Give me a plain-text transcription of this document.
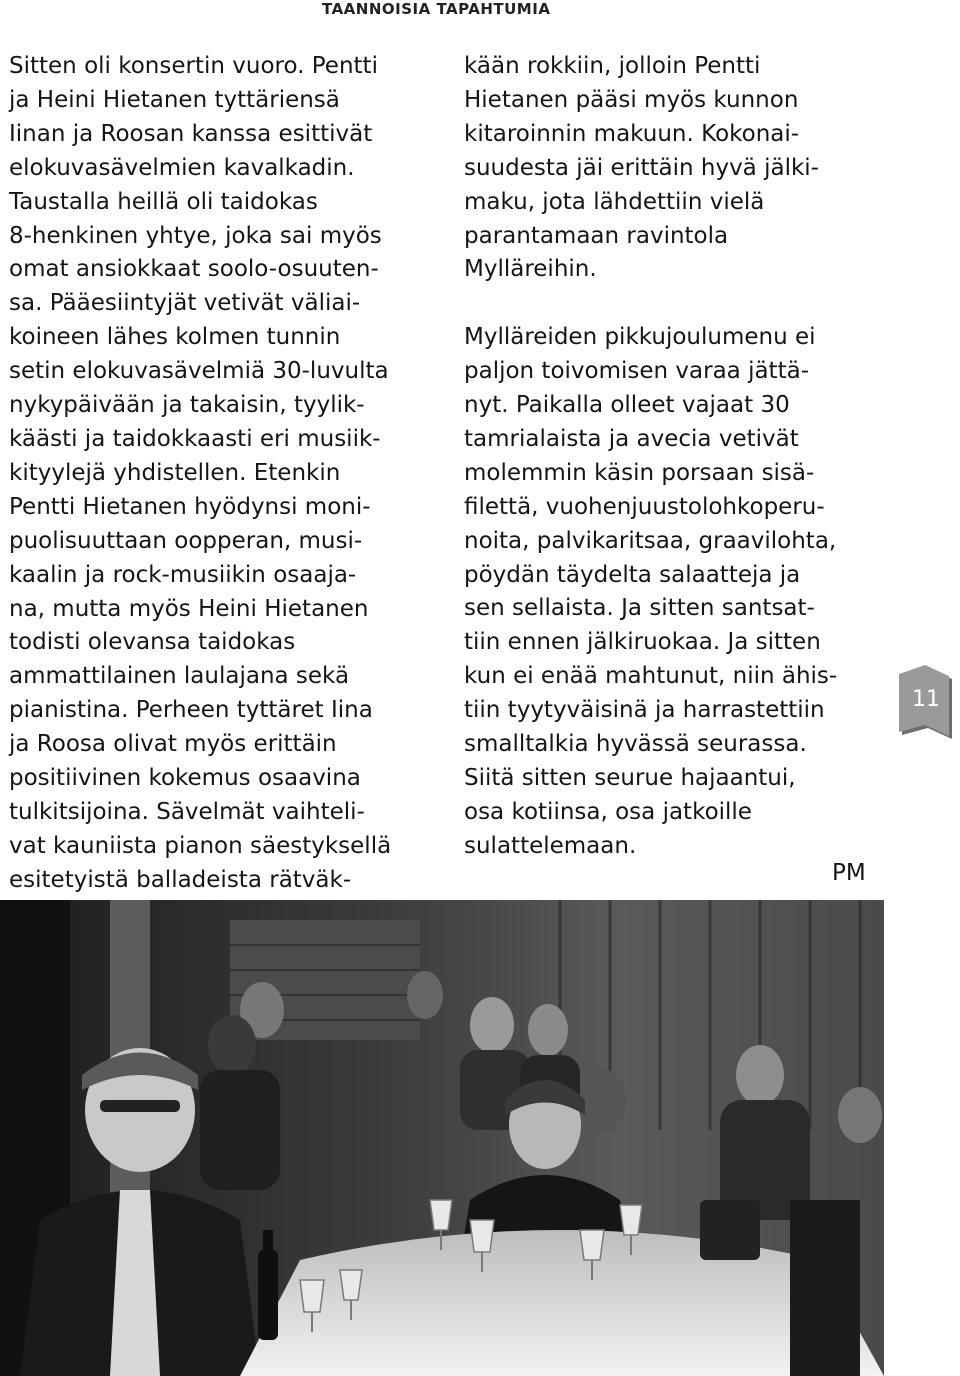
TAANNOISIA TAPAHTUMIA

Sitten oli konsertin vuoro. Pentti

ja Heini Hietanen tyttäriensä

Iinan ja Roosan kanssa esittivät

elokuvasävelmien kavalkadin.

Taustalla heillä oli taidokas

8-henkinen yhtye, joka sai myös

omat ansiokkaat soolo-osuuten-

sa. Pääesiintyjät vetivät väliai-

koineen lähes kolmen tunnin

setin elokuvasävelmiä 30-luvulta

nykypäivään ja takaisin, tyylik-

käästi ja taidokkaasti eri musiik-

kityylejä yhdistellen. Etenkin

Pentti Hietanen hyödynsi moni-

puolisuuttaan oopperan, musi-

kaalin ja rock-musiikin osaaja-

na, mutta myös Heini Hietanen

todisti olevansa taidokas

ammattilainen laulajana sekä

pianistina. Perheen tyttäret Iina

ja Roosa olivat myös erittäin

positiivinen kokemus osaavina

tulkitsijoina. Sävelmät vaihteli-

vat kauniista pianon säestyksellä

esitetyistä balladeista rätväk-

kään rokkiin, jolloin Pentti

Hietanen pääsi myös kunnon

kitaroinnin makuun. Kokonai-

suudesta jäi erittäin hyvä jälki-

maku, jota lähdettiin vielä

parantamaan ravintola

Mylläreihin.

Mylläreiden pikkujoulumenu ei

paljon toivomisen varaa jättä-

nyt. Paikalla olleet vajaat 30

tamrialaista ja avecia vetivät

molemmin käsin porsaan sisä-

filettä, vuohenjuustolohkoperu-

noita, palvikaritsaa, graavilohta,

pöydän täydelta salaatteja ja

sen sellaista. Ja sitten santsat-

tiin ennen jälkiruokaa. Ja sitten

kun ei enää mahtunut, niin ähis-

tiin tyytyväisinä ja harrastettiin

smalltalkia hyvässä seurassa.

Siitä sitten seurue hajaantui,

osa kotiinsa, osa jatkoille

sulattelemaan.

PM
11
